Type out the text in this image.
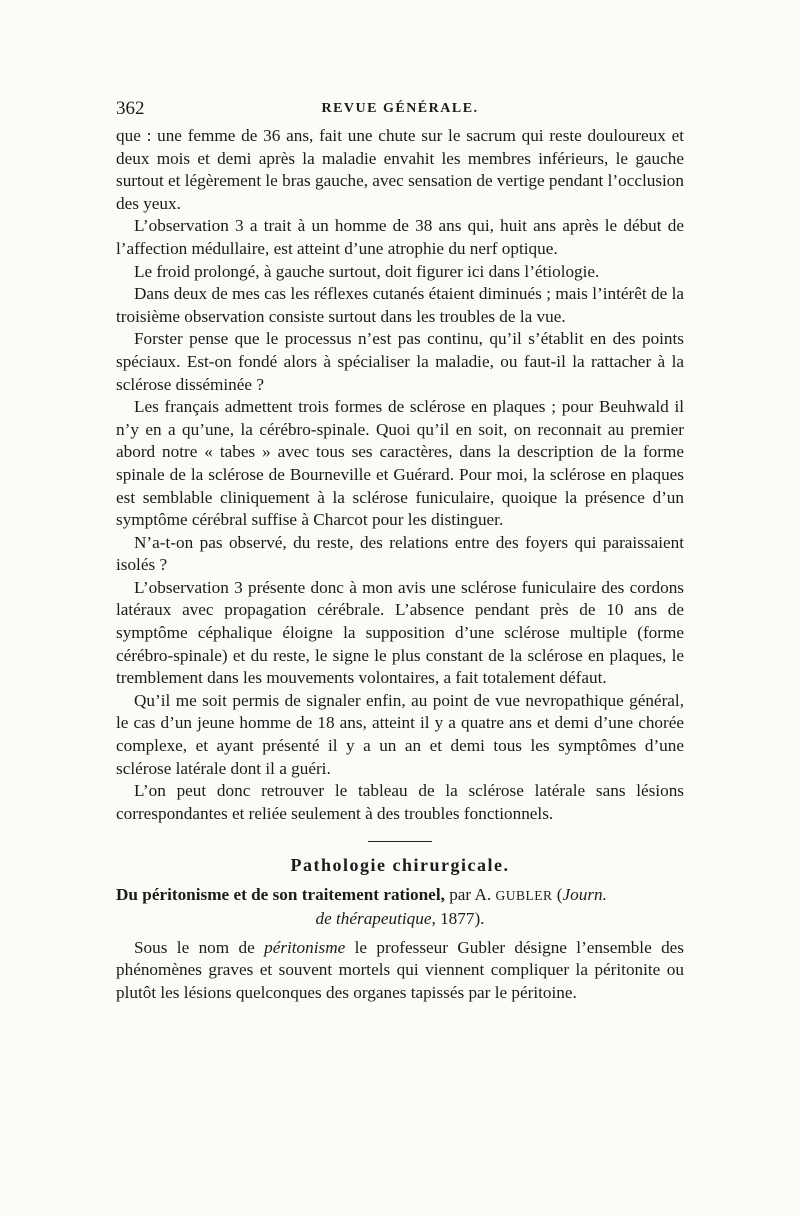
362	REVUE GÉNÉRALE.

que : une femme de 36 ans, fait une chute sur le sacrum qui reste douloureux et deux mois et demi après la maladie envahit les membres inférieurs, le gauche surtout et légèrement le bras gauche, avec sensation de vertige pendant l’occlusion des yeux.

L’observation 3 a trait à un homme de 38 ans qui, huit ans après le début de l’affection médullaire, est atteint d’une atrophie du nerf optique.

Le froid prolongé, à gauche surtout, doit figurer ici dans l’étiologie.

Dans deux de mes cas les réflexes cutanés étaient diminués ; mais l’intérêt de la troisième observation consiste surtout dans les troubles de la vue.

Forster pense que le processus n’est pas continu, qu’il s’établit en des points spéciaux. Est-on fondé alors à spécialiser la maladie, ou faut-il la rattacher à la sclérose disséminée ?

Les français admettent trois formes de sclérose en plaques ; pour Beuhwald il n’y en a qu’une, la cérébro-spinale. Quoi qu’il en soit, on reconnait au premier abord notre « tabes » avec tous ses caractères, dans la description de la forme spinale de la sclérose de Bourneville et Guérard. Pour moi, la sclérose en plaques est semblable cliniquement à la sclérose funiculaire, quoique la présence d’un symptôme cérébral suffise à Charcot pour les distinguer.

N’a-t-on pas observé, du reste, des relations entre des foyers qui paraissaient isolés ?

L’observation 3 présente donc à mon avis une sclérose funiculaire des cordons latéraux avec propagation cérébrale. L’absence pendant près de 10 ans de symptôme céphalique éloigne la supposition d’une sclérose multiple (forme cérébro-spinale) et du reste, le signe le plus constant de la sclérose en plaques, le tremblement dans les mouvements volontaires, a fait totalement défaut.

Qu’il me soit permis de signaler enfin, au point de vue nevropathique général, le cas d’un jeune homme de 18 ans, atteint il y a quatre ans et demi d’une chorée complexe, et ayant présenté il y a un an et demi tous les symptômes d’une sclérose latérale dont il a guéri.

L’on peut donc retrouver le tableau de la sclérose latérale sans lésions correspondantes et reliée seulement à des troubles fonctionnels.

Pathologie chirurgicale.

Du péritonisme et de son traitement rationel, par A. GUBLER (Journ.
de thérapeutique, 1877).

Sous le nom de péritonisme le professeur Gubler désigne l’ensemble des phénomènes graves et souvent mortels qui viennent compliquer la péritonite ou plutôt les lésions quelconques des organes tapissés par le péritoine.
